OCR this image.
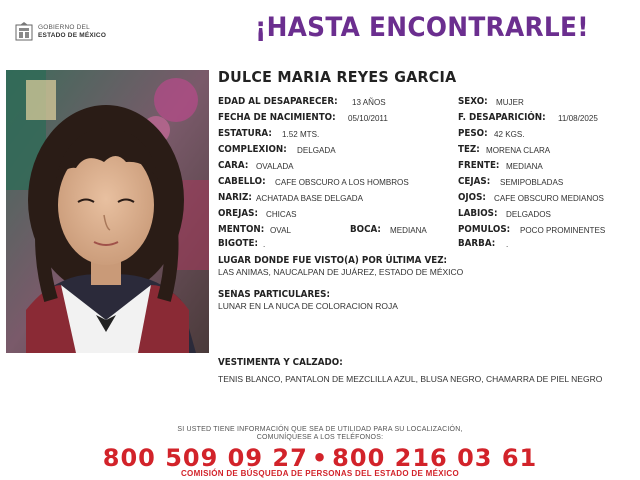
GOBIERNO DEL
ESTADO DE MÉXICO	¡HASTA ENCONTRARLE!
DULCE MARIA REYES GARCIA
EDAD AL DESAPARECER: 13 AÑOS
FECHA DE NACIMIENTO: 05/10/2011
ESTATURA: 1.52 MTS.
COMPLEXION: DELGADA
CARA: OVALADA
CABELLO: CAFE OBSCURO A LOS HOMBROS
NARIZ: ACHATADA BASE DELGADA
OREJAS: CHICAS
MENTON: OVAL	BOCA: MEDIANA
BIGOTE: .
SEXO: MUJER
F. DESAPARICIÓN: 11/08/2025
PESO: 42 KGS.
TEZ: MORENA CLARA
FRENTE: MEDIANA
CEJAS: SEMIPOBLADAS
OJOS: CAFE OBSCURO MEDIANOS
LABIOS: DELGADOS
POMULOS: POCO PROMINENTES
BARBA: .
LUGAR DONDE FUE VISTO(A) POR ÚLTIMA VEZ:
LAS ANIMAS, NAUCALPAN DE JUÁREZ, ESTADO DE MÉXICO
SEÑAS PARTICULARES:
LUNAR EN LA NUCA DE COLORACION ROJA
VESTIMENTA Y CALZADO:
TENIS BLANCO, PANTALON DE MEZCLILLA AZUL, BLUSA NEGRO, CHAMARRA DE PIEL NEGRO
SI USTED TIENE INFORMACIÓN QUE SEA DE UTILIDAD PARA SU LOCALIZACIÓN,
COMUNÍQUESE A LOS TELÉFONOS:
800 509 09 27 • 800 216 03 61
COMISIÓN DE BÚSQUEDA DE PERSONAS DEL ESTADO DE MÉXICO
